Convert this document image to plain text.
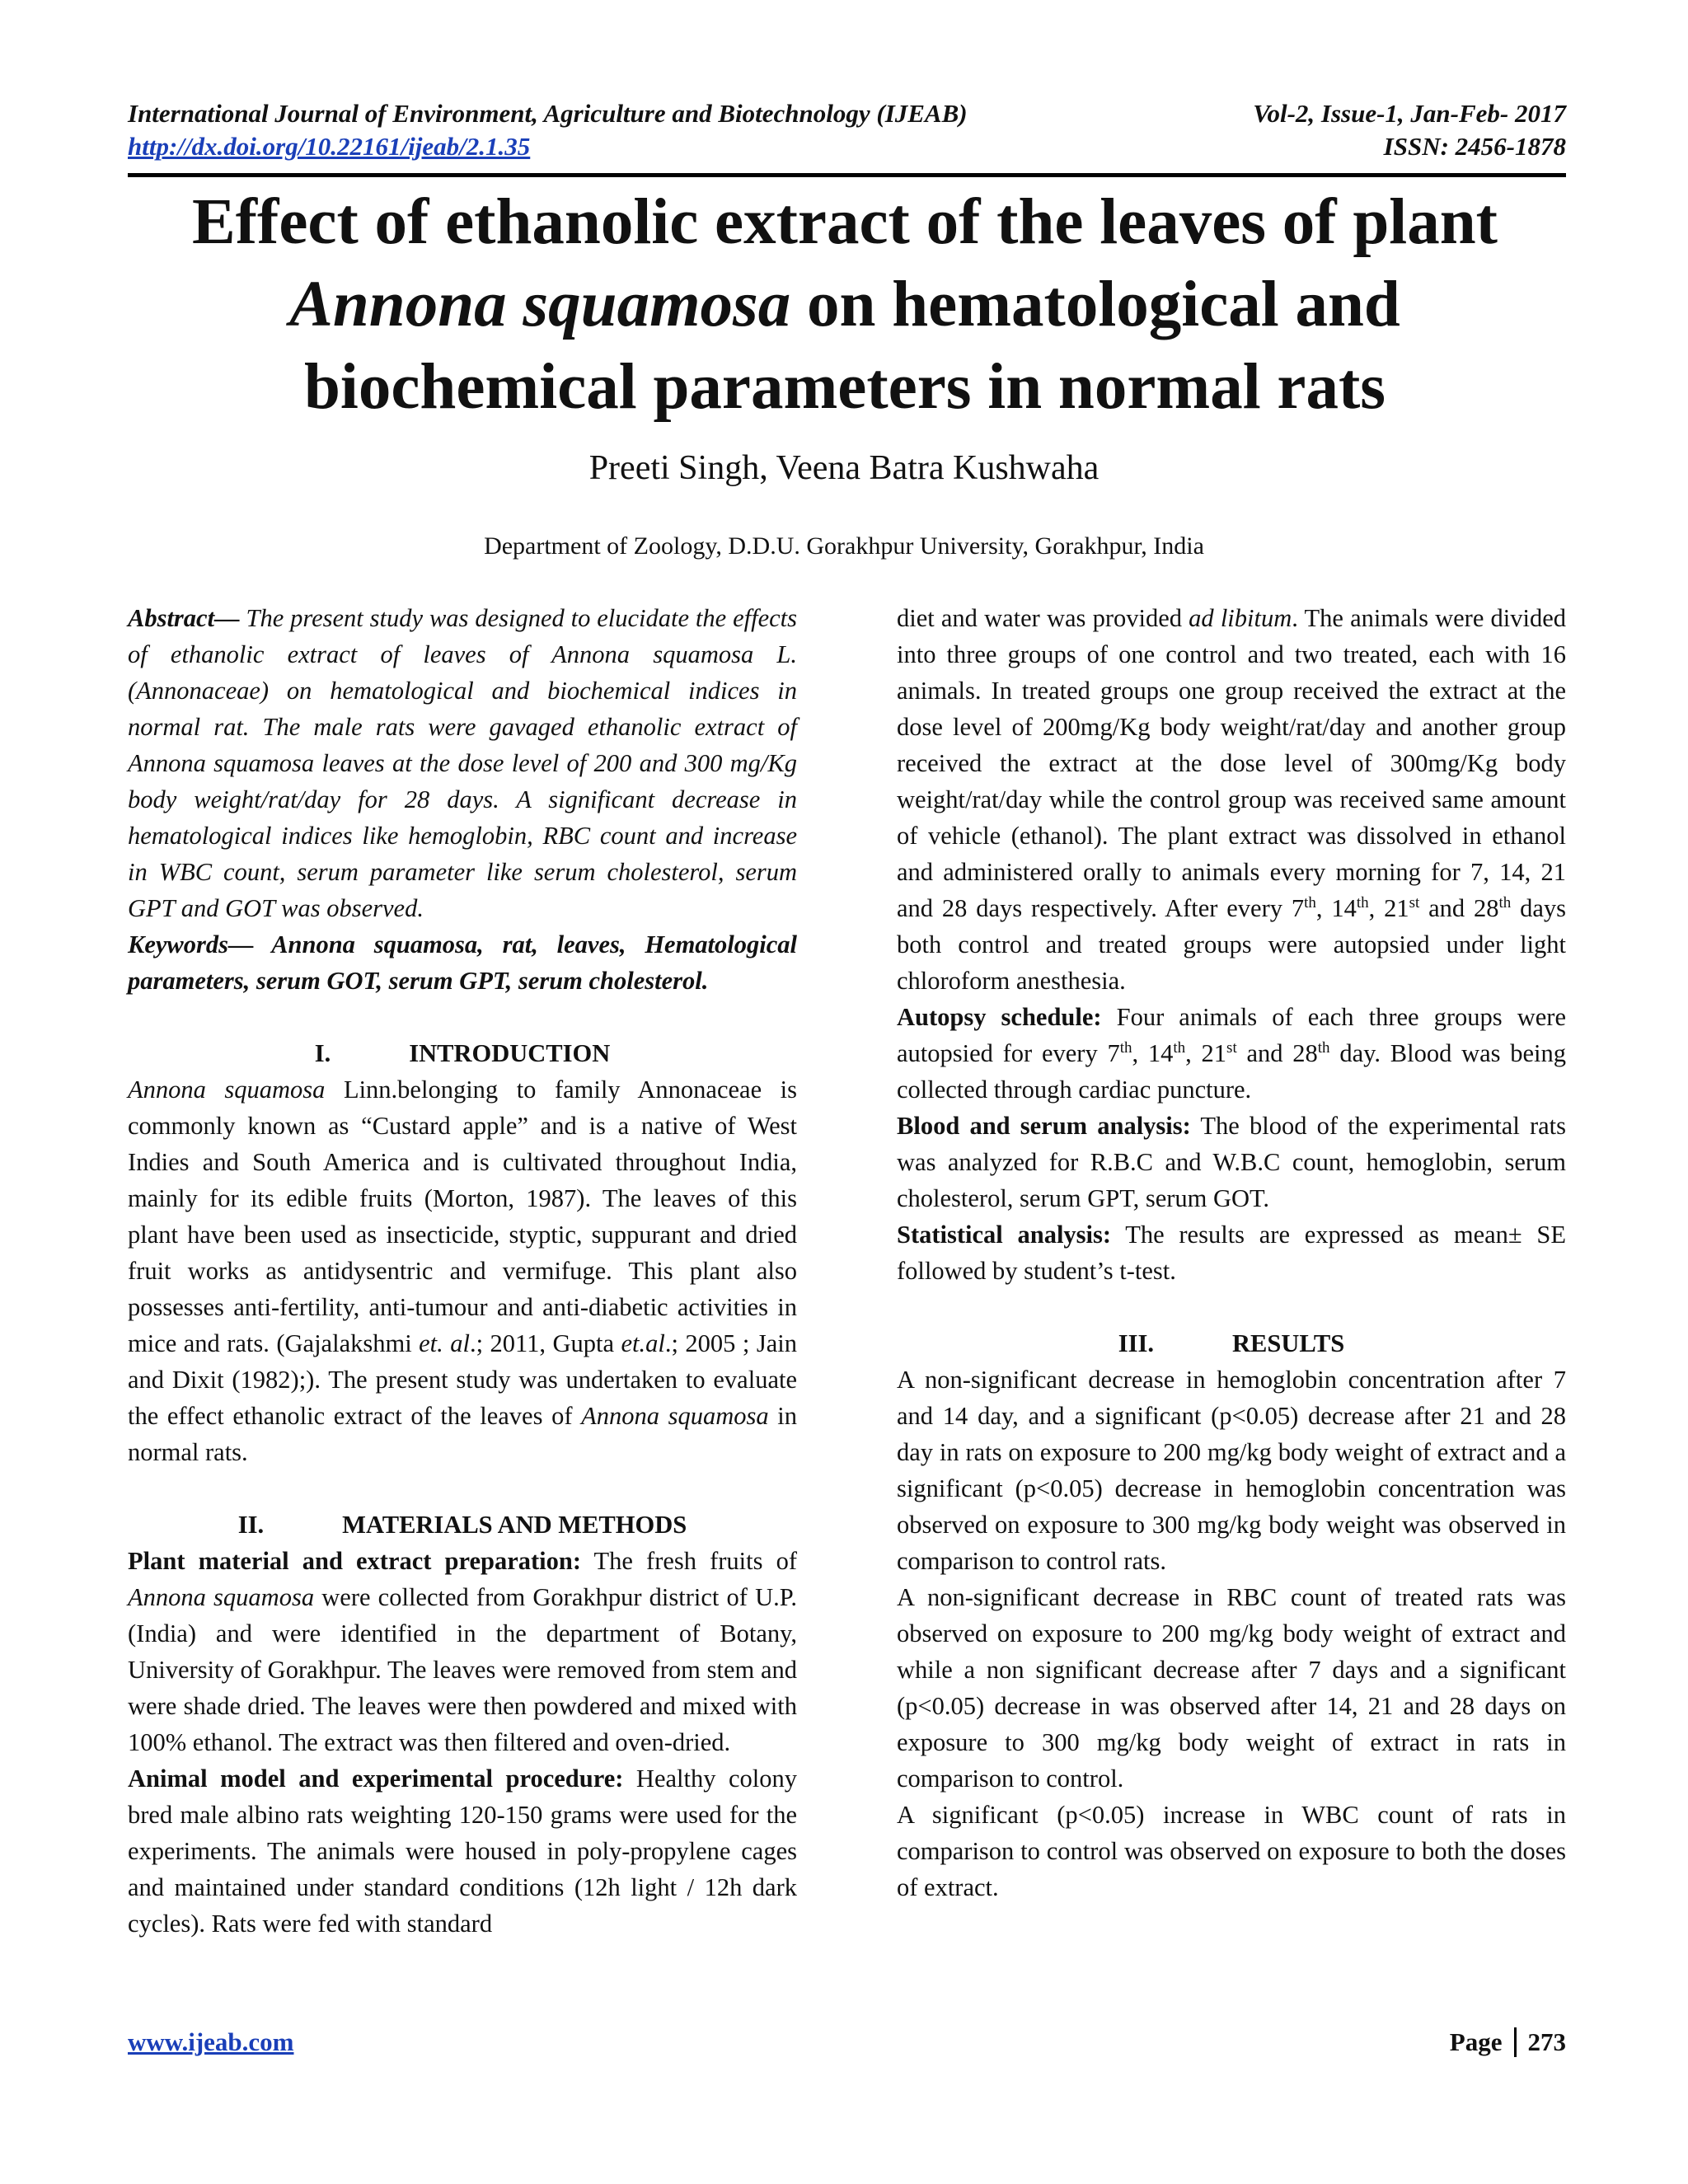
International Journal of Environment, Agriculture and Biotechnology (IJEAB)	Vol-2, Issue-1, Jan-Feb- 2017
http://dx.doi.org/10.22161/ijeab/2.1.35	ISSN: 2456-1878
Effect of ethanolic extract of the leaves of plant
Annona squamosa on hematological and
biochemical parameters in normal rats
Preeti Singh, Veena Batra Kushwaha
Department of Zoology, D.D.U. Gorakhpur University, Gorakhpur, India

Abstract— The present study was designed to elucidate the effects of ethanolic extract of leaves of Annona squamosa L. (Annonaceae) on hematological and biochemical indices in normal rat. The male rats were gavaged ethanolic extract of Annona squamosa leaves at the dose level of 200 and 300 mg/Kg body weight/rat/day for 28 days. A significant decrease in hematological indices like hemoglobin, RBC count and increase in WBC count, serum parameter like serum cholesterol, serum GPT and GOT was observed.

Keywords— Annona squamosa, rat, leaves, Hematological parameters, serum GOT, serum GPT, serum cholesterol.

I.	INTRODUCTION

Annona squamosa Linn.belonging to family Annonaceae is commonly known as “Custard apple” and is a native of West Indies and South America and is cultivated throughout India, mainly for its edible fruits (Morton, 1987). The leaves of this plant have been used as insecticide, styptic, suppurant and dried fruit works as antidysentric and vermifuge. This plant also possesses anti-fertility, anti-tumour and anti-diabetic activities in mice and rats. (Gajalakshmi et. al.; 2011, Gupta et.al.; 2005 ; Jain and Dixit (1982);). The present study was undertaken to evaluate the effect ethanolic extract of the leaves of Annona squamosa in normal rats.

II.	MATERIALS AND METHODS

Plant material and extract preparation: The fresh fruits of Annona squamosa were collected from Gorakhpur district of U.P. (India) and were identified in the department of Botany, University of Gorakhpur. The leaves were removed from stem and were shade dried. The leaves were then powdered and mixed with 100% ethanol. The extract was then filtered and oven-dried.

Animal model and experimental procedure: Healthy colony bred male albino rats weighting 120-150 grams were used for the experiments. The animals were housed in poly-propylene cages and maintained under standard conditions (12h light / 12h dark cycles). Rats were fed with standard

diet and water was provided ad libitum. The animals were divided into three groups of one control and two treated, each with 16 animals. In treated groups one group received the extract at the dose level of 200mg/Kg body weight/rat/day and another group received the extract at the dose level of 300mg/Kg body weight/rat/day while the control group was received same amount of vehicle (ethanol). The plant extract was dissolved in ethanol and administered orally to animals every morning for 7, 14, 21 and 28 days respectively. After every 7th, 14th, 21st and 28th days both control and treated groups were autopsied under light chloroform anesthesia.

Autopsy schedule: Four animals of each three groups were autopsied for every 7th, 14th, 21st and 28th day. Blood was being collected through cardiac puncture.

Blood and serum analysis: The blood of the experimental rats was analyzed for R.B.C and W.B.C count, hemoglobin, serum cholesterol, serum GPT, serum GOT.

Statistical analysis: The results are expressed as mean± SE followed by student’s t-test.

III.	RESULTS

A non-significant decrease in hemoglobin concentration after 7 and 14 day, and a significant (p<0.05) decrease after 21 and 28 day in rats on exposure to 200 mg/kg body weight of extract and a significant (p<0.05) decrease in hemoglobin concentration was observed on exposure to 300 mg/kg body weight was observed in comparison to control rats.

A non-significant decrease in RBC count of treated rats was observed on exposure to 200 mg/kg body weight of extract and while a non significant decrease after 7 days and a significant (p<0.05) decrease in was observed after 14, 21 and 28 days on exposure to 300 mg/kg body weight of extract in rats in comparison to control.

A significant (p<0.05) increase in WBC count of rats in comparison to control was observed on exposure to both the doses of extract.

www.ijeab.com	Page 273
